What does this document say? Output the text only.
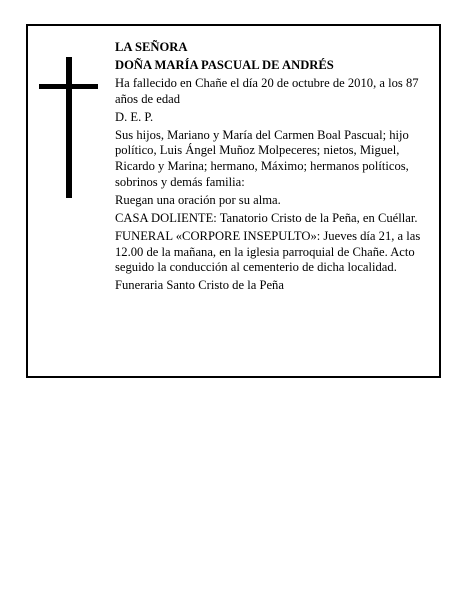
LA SEÑORA

DOÑA MARÍA PASCUAL DE ANDRÉS

Ha fallecido en Chañe el día 20 de octubre de 2010, a los 87 años de edad

D. E. P.

Sus hijos, Mariano y María del Carmen Boal Pascual; hijo político, Luis Ángel Muñoz Molpeceres; nietos, Miguel, Ricardo y Marina; hermano, Máximo; hermanos políticos, sobrinos y demás familia:

Ruegan una oración por su alma.

CASA DOLIENTE: Tanatorio Cristo de la Peña, en Cuéllar.

FUNERAL «CORPORE INSEPULTO»: Jueves día 21, a las 12.00 de la mañana, en la iglesia parroquial de Chañe. Acto seguido la conducción al cementerio de dicha localidad.

Funeraria Santo Cristo de la Peña
